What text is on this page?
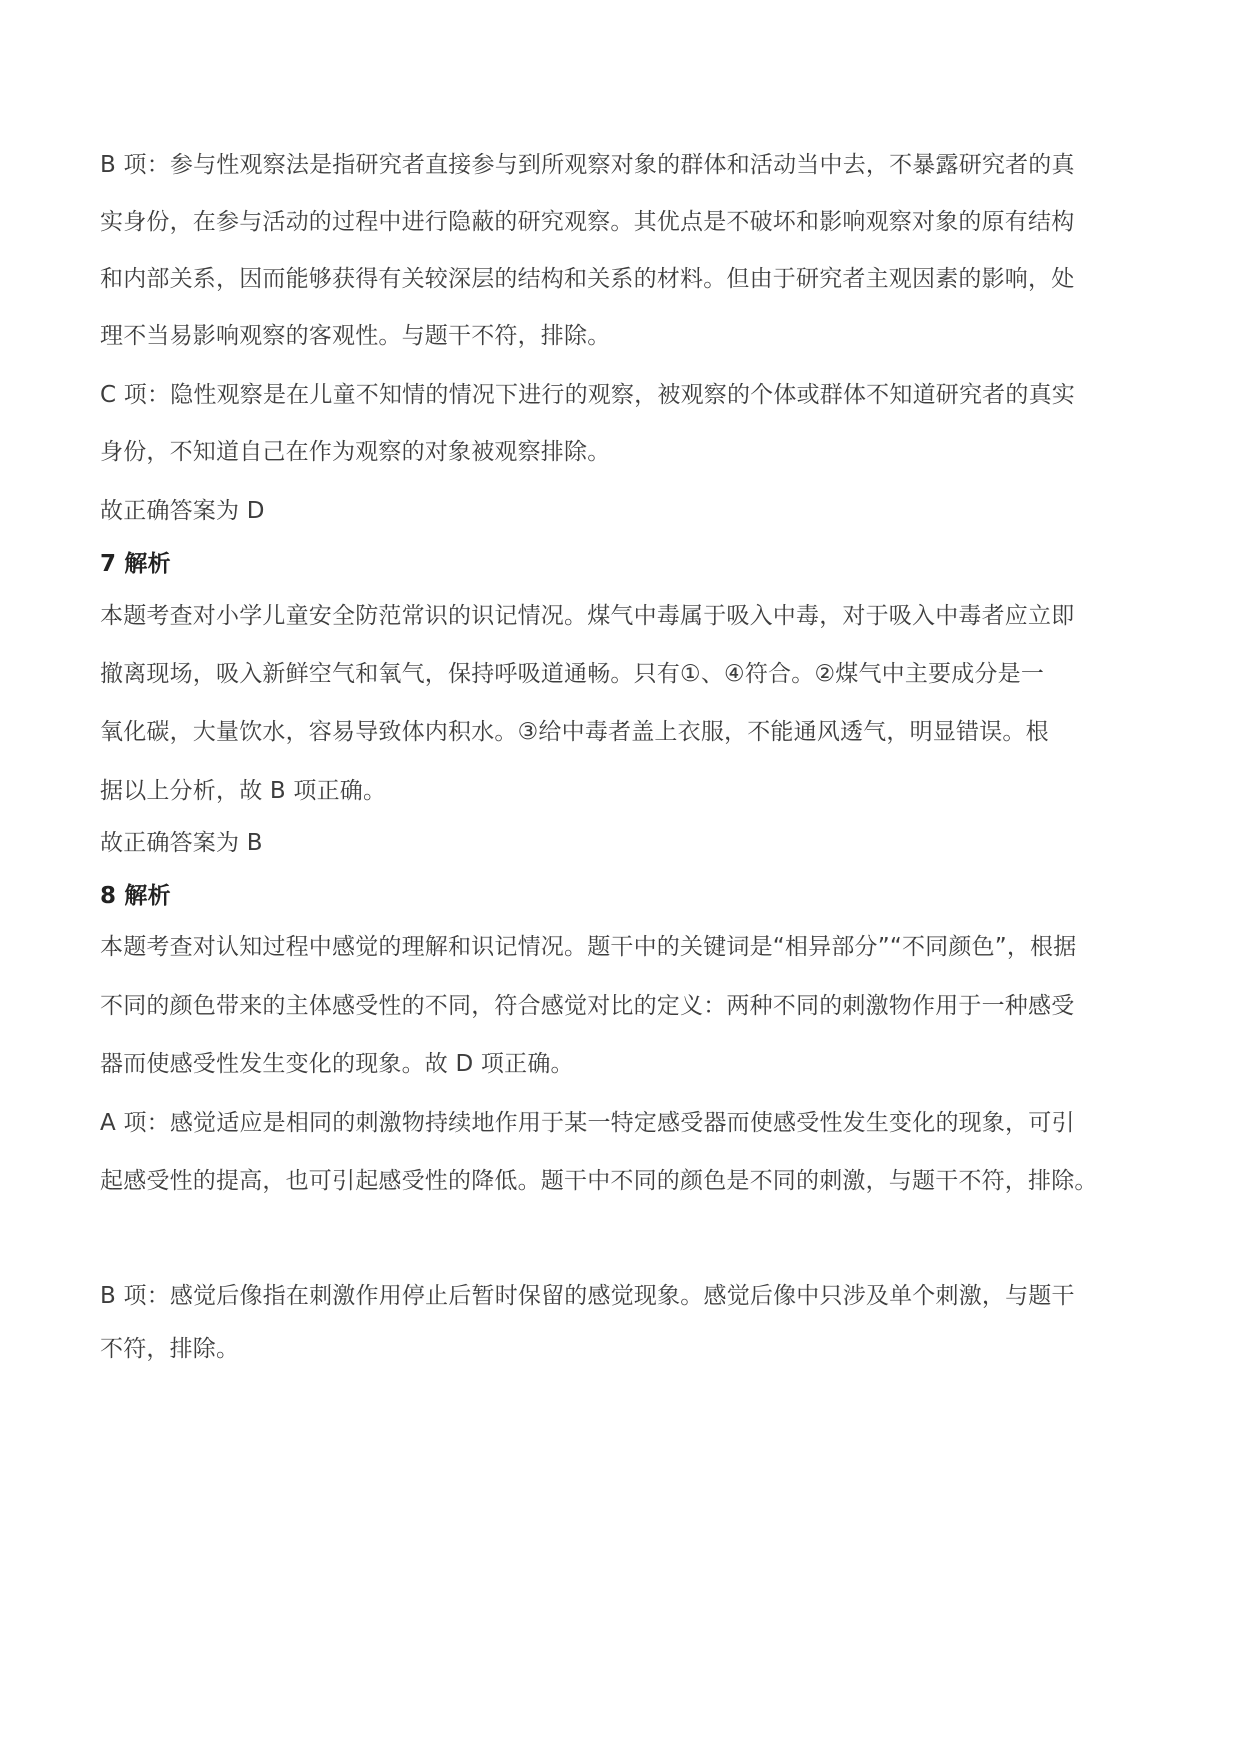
B 项：参与性观察法是指研究者直接参与到所观察对象的群体和活动当中去，不暴露研究者的真
实身份，在参与活动的过程中进行隐蔽的研究观察。其优点是不破坏和影响观察对象的原有结构
和内部关系，因而能够获得有关较深层的结构和关系的材料。但由于研究者主观因素的影响，处
理不当易影响观察的客观性。与题干不符，排除。
C 项：隐性观察是在儿童不知情的情况下进行的观察，被观察的个体或群体不知道研究者的真实
身份，不知道自己在作为观察的对象被观察排除。
故正确答案为 D
7 解析
本题考查对小学儿童安全防范常识的识记情况。煤气中毒属于吸入中毒，对于吸入中毒者应立即
撤离现场，吸入新鲜空气和氧气，保持呼吸道通畅。只有①、④符合。②煤气中主要成分是一
氧化碳，大量饮水，容易导致体内积水。③给中毒者盖上衣服，不能通风透气，明显错误。根
据以上分析，故 B 项正确。
故正确答案为 B
8 解析
本题考查对认知过程中感觉的理解和识记情况。题干中的关键词是“相异部分”“不同颜色”，根据
不同的颜色带来的主体感受性的不同，符合感觉对比的定义：两种不同的刺激物作用于一种感受
器而使感受性发生变化的现象。故 D 项正确。
A 项：感觉适应是相同的刺激物持续地作用于某一特定感受器而使感受性发生变化的现象，可引
起感受性的提高，也可引起感受性的降低。题干中不同的颜色是不同的刺激，与题干不符，排除。
B 项：感觉后像指在刺激作用停止后暂时保留的感觉现象。感觉后像中只涉及单个刺激，与题干
不符，排除。
